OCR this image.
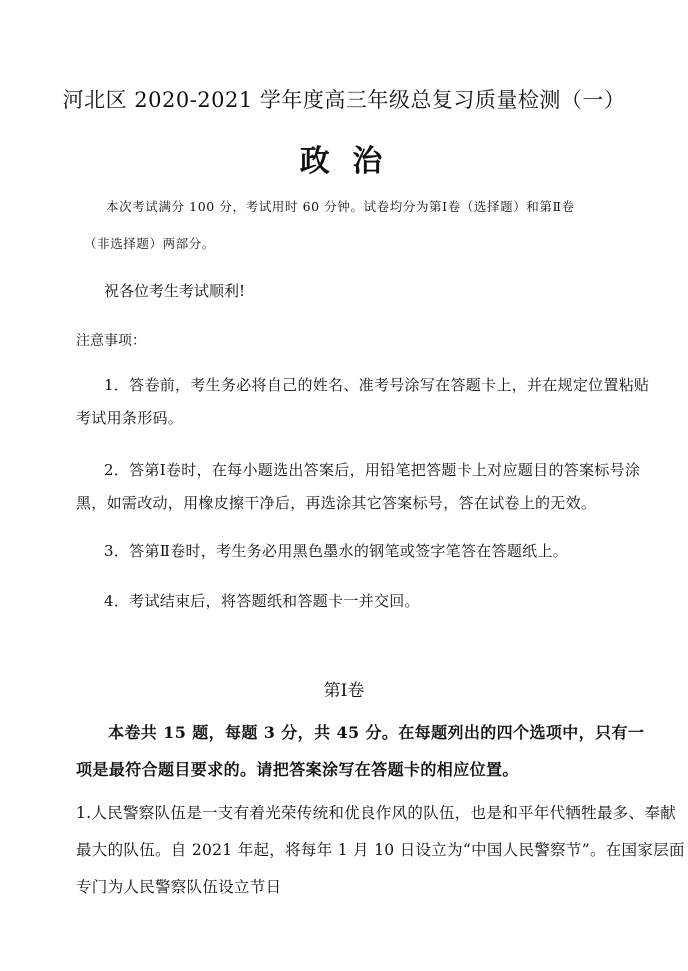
河北区 2020-2021 学年度高三年级总复习质量检测（一）
政 治
本次考试满分 100 分，考试用时 60 分钟。试卷均分为第Ⅰ卷（选择题）和第Ⅱ卷
（非选择题）两部分。
祝各位考生考试顺利!
注意事项：
1．答卷前，考生务必将自己的姓名、准考号涂写在答题卡上，并在规定位置粘贴
考试用条形码。
2．答第Ⅰ卷时，在每小题选出答案后，用铅笔把答题卡上对应题目的答案标号涂
黑，如需改动，用橡皮擦干净后，再选涂其它答案标号，答在试卷上的无效。
3．答第Ⅱ卷时，考生务必用黑色墨水的钢笔或签字笔答在答题纸上。
4．考试结束后，将答题纸和答题卡一并交回。
第Ⅰ卷
本卷共 15 题，每题 3 分，共 45 分。在每题列出的四个选项中，只有一
项是最符合题目要求的。请把答案涂写在答题卡的相应位置。
1.人民警察队伍是一支有着光荣传统和优良作风的队伍，也是和平年代牺牲最多、奉献
最大的队伍。自 2021 年起，将每年 1 月 10 日设立为“中国人民警察节”。在国家层面
专门为人民警察队伍设立节日
